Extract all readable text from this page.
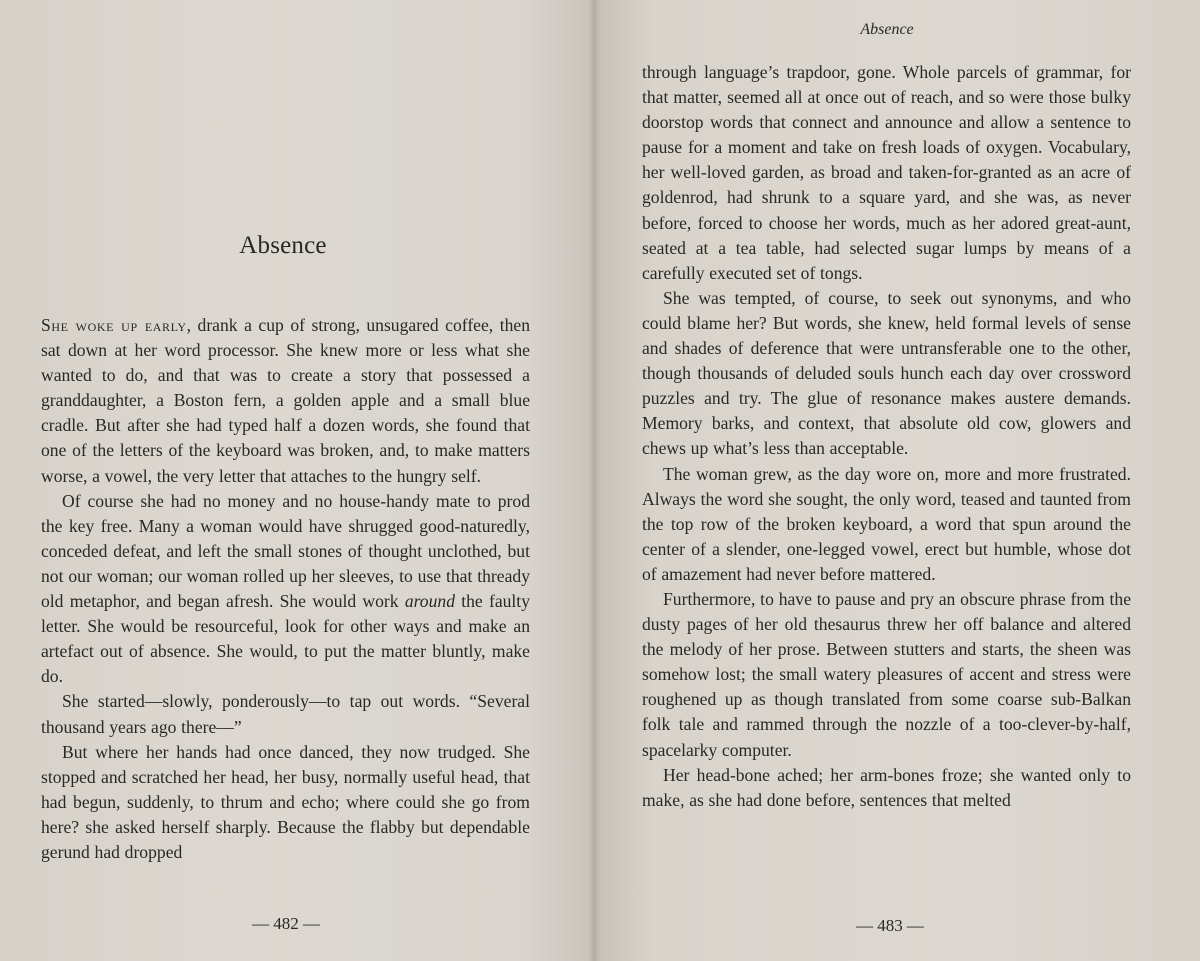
Absence

She woke up early, drank a cup of strong, unsugared coffee, then sat down at her word processor. She knew more or less what she wanted to do, and that was to create a story that possessed a granddaughter, a Boston fern, a golden apple and a small blue cradle. But after she had typed half a dozen words, she found that one of the letters of the keyboard was broken, and, to make matters worse, a vowel, the very letter that attaches to the hungry self.

Of course she had no money and no house-handy mate to prod the key free. Many a woman would have shrugged good-naturedly, conceded defeat, and left the small stones of thought unclothed, but not our woman; our woman rolled up her sleeves, to use that thready old metaphor, and began afresh. She would work around the faulty letter. She would be resourceful, look for other ways and make an artefact out of absence. She would, to put the matter bluntly, make do.

She started—slowly, ponderously—to tap out words. “Several thousand years ago there—”

But where her hands had once danced, they now trudged. She stopped and scratched her head, her busy, normally useful head, that had begun, suddenly, to thrum and echo; where could she go from here? she asked herself sharply. Because the flabby but dependable gerund had dropped

— 482 —
Absence

through language’s trapdoor, gone. Whole parcels of grammar, for that matter, seemed all at once out of reach, and so were those bulky doorstop words that connect and announce and allow a sentence to pause for a moment and take on fresh loads of oxygen. Vocabulary, her well-loved garden, as broad and taken-for-granted as an acre of goldenrod, had shrunk to a square yard, and she was, as never before, forced to choose her words, much as her adored great-aunt, seated at a tea table, had selected sugar lumps by means of a carefully executed set of tongs.

She was tempted, of course, to seek out synonyms, and who could blame her? But words, she knew, held formal levels of sense and shades of deference that were untransferable one to the other, though thousands of deluded souls hunch each day over crossword puzzles and try. The glue of resonance makes austere demands. Memory barks, and context, that absolute old cow, glowers and chews up what’s less than acceptable.

The woman grew, as the day wore on, more and more frustrated. Always the word she sought, the only word, teased and taunted from the top row of the broken keyboard, a word that spun around the center of a slender, one-legged vowel, erect but humble, whose dot of amazement had never before mattered.

Furthermore, to have to pause and pry an obscure phrase from the dusty pages of her old thesaurus threw her off balance and altered the melody of her prose. Between stutters and starts, the sheen was somehow lost; the small watery pleasures of accent and stress were roughened up as though translated from some coarse sub-Balkan folk tale and rammed through the nozzle of a too-clever-by-half, spacelarky computer.

Her head-bone ached; her arm-bones froze; she wanted only to make, as she had done before, sentences that melted

— 483 —
